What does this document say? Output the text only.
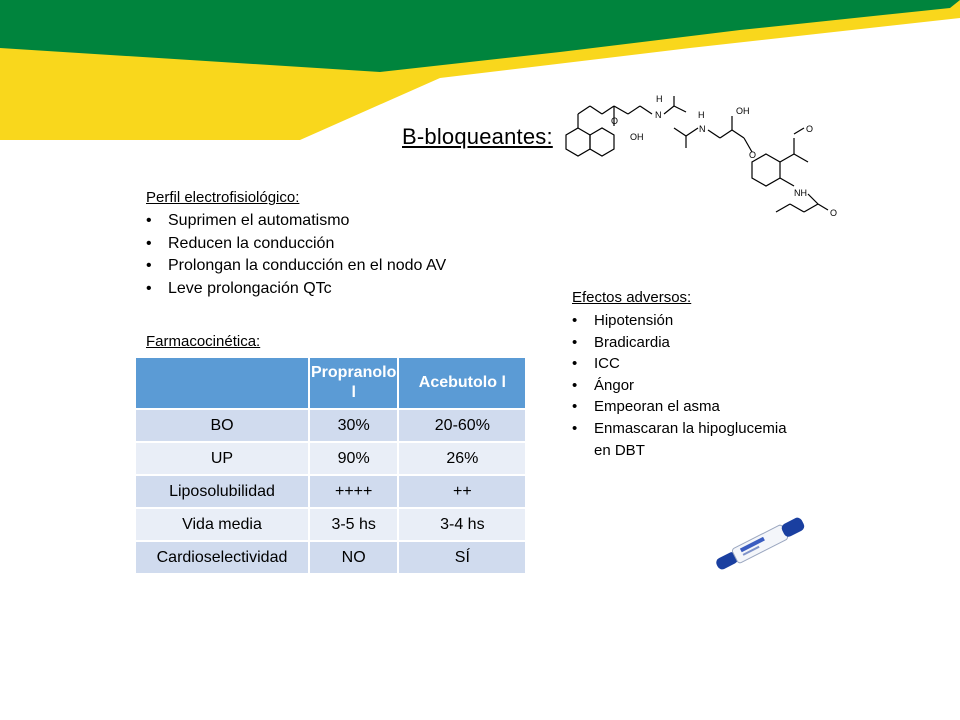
B-bloqueantes:
O
OH
H
N	H
N
OH
O
O
NH
O
Perfil electrofisiológico:
• Suprimen el automatismo
• Reducen la conducción
• Prolongan la conducción en el nodo AV
• Leve prolongación QTc
Farmacocinética:
	Propranolo l	Acebutolo l
BO	30%	20-60%
UP	90%	26%
Liposolubilidad	++++	++
Vida media	3-5 hs	3-4 hs
Cardioselectividad	NO	SÍ
Efectos adversos:
• Hipotensión
• Bradicardia
• ICC
• Ángor
• Empeoran el asma
• Enmascaran la hipoglucemia en DBT
